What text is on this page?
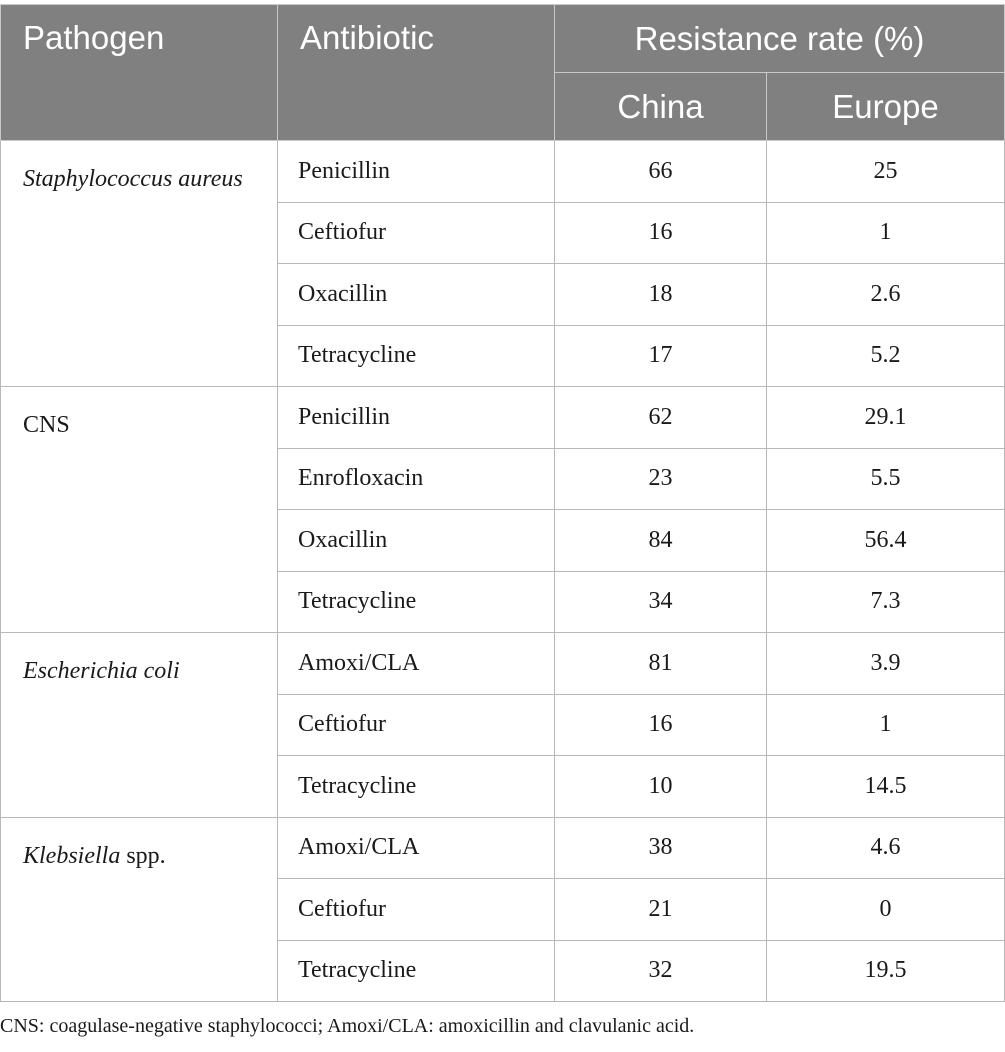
Pathogen	Antibiotic	Resistance rate (%)	
		China	Europe
Staphylococcus aureus	Penicillin	66	25
	Ceftiofur	16	1
	Oxacillin	18	2.6
	Tetracycline	17	5.2
CNS	Penicillin	62	29.1
	Enrofloxacin	23	5.5
	Oxacillin	84	56.4
	Tetracycline	34	7.3
Escherichia coli	Amoxi/CLA	81	3.9
	Ceftiofur	16	1
	Tetracycline	10	14.5
Klebsiella spp.	Amoxi/CLA	38	4.6
	Ceftiofur	21	0
	Tetracycline	32	19.5
CNS: coagulase-negative staphylococci; Amoxi/CLA: amoxicillin and clavulanic acid.
